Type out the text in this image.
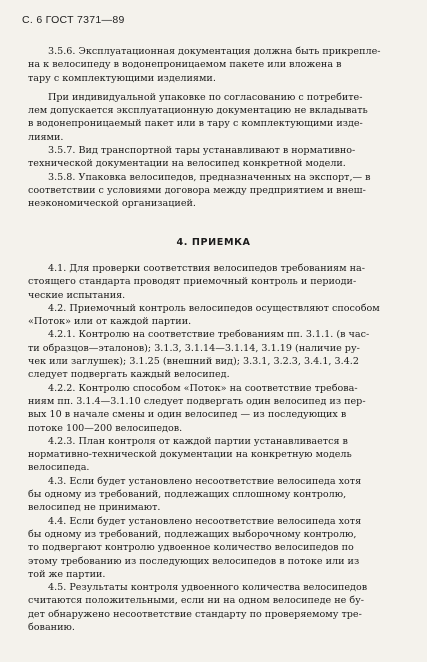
С. 6 ГОСТ 7371—89
3.5.6. Эксплуатационная документация должна быть прикрепле-
на к велосипеду в водонепроницаемом пакете или вложена в
тару с комплектующими изделиями.
При индивидуальной упаковке по согласованию с потребите-
лем допускается эксплуатационную документацию не вкладывать
в водонепроницаемый пакет или в тару с комплектующими изде-
лиями.
3.5.7. Вид транспортной тары устанавливают в нормативно-
технической документации на велосипед конкретной модели.
3.5.8. Упаковка велосипедов, предназначенных на экспорт,— в
соответствии с условиями договора между предприятием и внеш-
неэкономической организацией.
4. ПРИЕМКА
4.1. Для проверки соответствия велосипедов требованиям на-
стоящего стандарта проводят приемочный контроль и периоди-
ческие испытания.
4.2. Приемочный контроль велосипедов осуществляют способом
«Поток» или от каждой партии.
4.2.1. Контролю на соответствие требованиям пп. 3.1.1. (в час-
ти образцов—эталонов); 3.1.3, 3.1.14—3.1.14, 3.1.19 (наличие ру-
чек или заглушек); 3.1.25 (внешний вид); 3.3.1, 3.2.3, 3.4.1, 3.4.2
следует подвергать каждый велосипед.
4.2.2. Контролю способом «Поток» на соответствие требова-
ниям пп. 3.1.4—3.1.10 следует подвергать один велосипед из пер-
вых 10 в начале смены и один велосипед — из последующих в
потоке 100—200 велосипедов.
4.2.3. План контроля от каждой партии устанавливается в
нормативно-технической документации на конкретную модель
велосипеда.
4.3. Если будет установлено несоответствие велосипеда хотя
бы одному из требований, подлежащих сплошному контролю,
велосипед не принимают.
4.4. Если будет установлено несоответствие велосипеда хотя
бы одному из требований, подлежащих выборочному контролю,
то подвергают контролю удвоенное количество велосипедов по
этому требованию из последующих велосипедов в потоке или из
той же партии.
4.5. Результаты контроля удвоенного количества велосипедов
считаются положительными, если ни на одном велосипеде не бу-
дет обнаружено несоответствие стандарту по проверяемому тре-
бованию.
